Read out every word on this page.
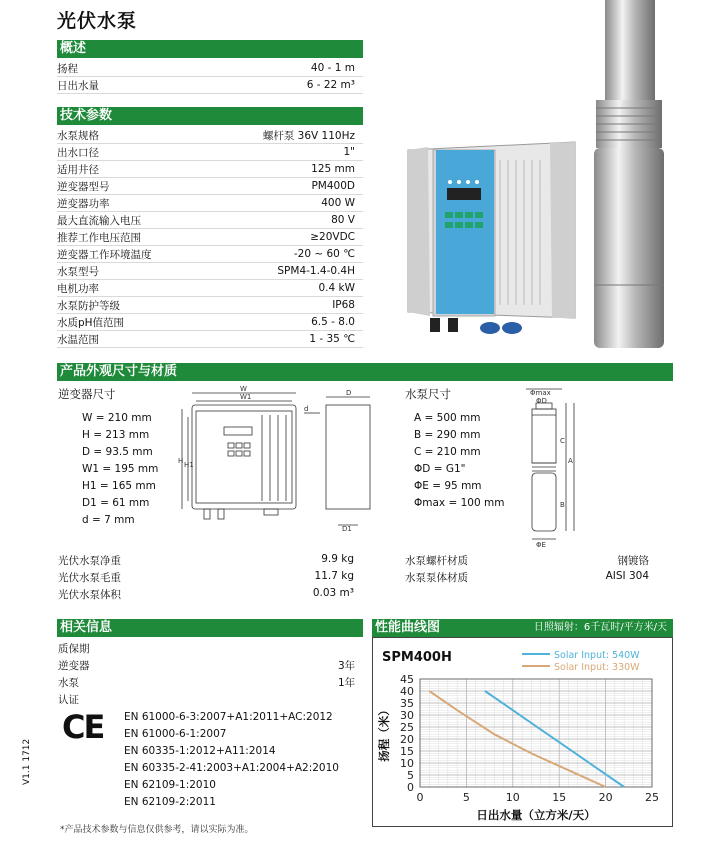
光伏水泵
概述
扬程	40 - 1 m
日出水量	6 - 22 m³
技术参数
水泵规格	螺杆泵 36V 110Hz
出水口径	1"
适用井径	125 mm
逆变器型号	PM400D
逆变器功率	400 W
最大直流输入电压	80 V
推荐工作电压范围	≥20VDC
逆变器工作环境温度	-20 ~ 60 ℃
水泵型号	SPM4-1.4-0.4H
电机功率	0.4 kW
水泵防护等级	IP68
水质pH值范围	6.5 - 8.0
水温范围	1 - 35 ℃
产品外观尺寸与材质
逆变器尺寸
W = 210 mm
H = 213 mm
D = 93.5 mm
W1 = 195 mm
H1 = 165 mm
D1 = 61 mm
d = 7 mm
W
W1
H H1
D
D1
d
水泵尺寸
A = 500 mm
B = 290 mm
C = 210 mm
ΦD = G1"
ΦE = 95 mm
Φmax = 100 mm
Φmax
ΦD
C
A
B
ΦE
光伏水泵净重	9.9 kg
光伏水泵毛重	11.7 kg
光伏水泵体积	0.03 m³
水泵螺杆材质	钢镀铬
水泵泵体材质	AISI 304
相关信息
质保期
逆变器	3年
水泵	1年
认证
CE EN 61000-6-3:2007+A1:2011+AC:2012
EN 61000-6-1:2007
EN 60335-1:2012+A11:2014
EN 60335-2-41:2003+A1:2004+A2:2010
EN 62109-1:2010
EN 62109-2:2011
性能曲线图	日照辐射：6千瓦时/平方米/天
0	5	10	15	20	25
0
5
10
15
20
25
30
35
40
45
SPM400H	Solar Input: 540W
Solar Input: 330W
日出水量（立方米/天）
扬程（米）
*产品技术参数与信息仅供参考，请以实际为准。
V1.1 1712
